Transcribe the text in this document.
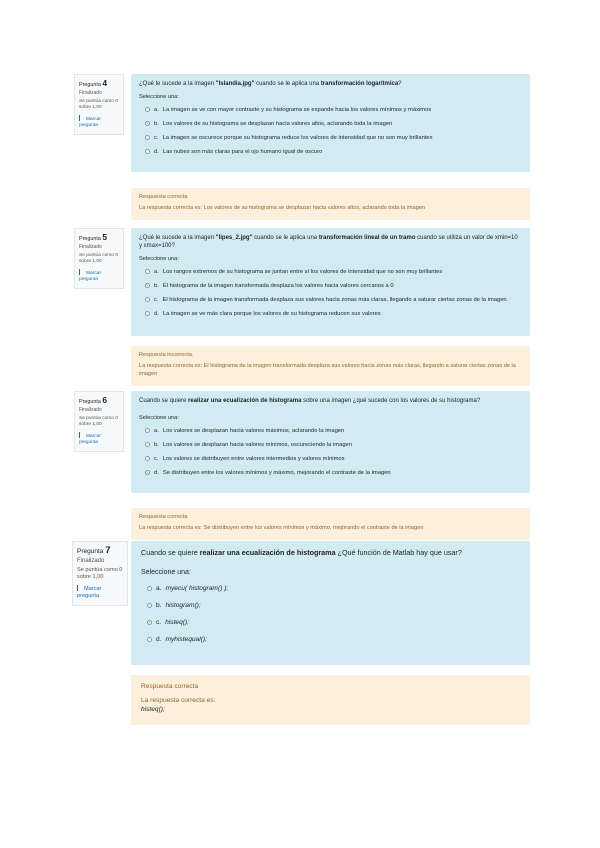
Pregunta 4
Finalizado
Se puntúa como 0 sobre 1,00
Marcar pregunta
¿Qué le sucede a la imagen "Islandia.jpg" cuando se le aplica una transformación logarítmica?
Seleccione una:
a. La imagen se ve con mayor contraste y su histograma se expande hacia los valores mínimos y máximos
b. Los valores de su histograma se desplazan hacia valores altos, aclarando toda la imagen
c. La imagen se oscurece porque su histograma reduce los valores de intensidad que no son muy brillantes
d. Las nubes son más claras para el ojo humano igual de oscuro
Respuesta correcta
La respuesta correcta es: Los valores de su histograma se desplazan hacia valores altos, aclarando toda la imagen
Pregunta 5
Finalizado
Se puntúa como 0 sobre 1,00
Marcar pregunta
¿Qué le sucede a la imagen "lipes_2.jpg" cuando se le aplica una transformación lineal de un tramo cuando se utiliza un valor de xmin=10 y xmax=100?
Seleccione una:
a. Los rangos extremos de su histograma se juntan entre sí los valores de intensidad que no son muy brillantes
b. El histograma de la imagen transformada desplaza los valores hacia valores cercanos a 0
c. El histograma de la imagen transformada desplaza sus valores hacia zonas más claras, llegando a saturar ciertas zonas de la imagen
d. La imagen se ve más clara porque los valores de su histograma reducen sus valores
Respuesta incorrecta.
La respuesta correcta es: El histograma de la imagen transformada desplaza sus valores hacia zonas más claras, llegando a saturar ciertas zonas de la imagen
Pregunta 6
Finalizado
Se puntúa como 0 sobre 1,00
Marcar pregunta
Cuando se quiere realizar una ecualización de histograma sobre una imagen ¿qué sucede con los valores de su histograma?
Seleccione una:
a. Los valores se desplazan hacia valores máximos, aclarando la imagen
b. Los valores se desplazan hacia valores mínimos, oscureciendo la imagen
c. Los valores se distribuyen entre valores intermedios y valores mínimos
d. Se distribuyen entre los valores mínimos y máximo, mejorando el contraste de la imagen
Respuesta correcta
La respuesta correcta es: Se distribuyen entre los valores mínimos y máximo, mejorando el contraste de la imagen
Pregunta 7
Finalizado
Se puntúa como 0 sobre 1,00
Marcar pregunta
Cuando se quiere realizar una ecualización de histograma ¿Qué función de Matlab hay que usar?
Seleccione una:
a. myecu( histogram() );
b. histogram();
c. histeq();
d. myhistequal();
Respuesta correcta
La respuesta correcta es:
histeq();
